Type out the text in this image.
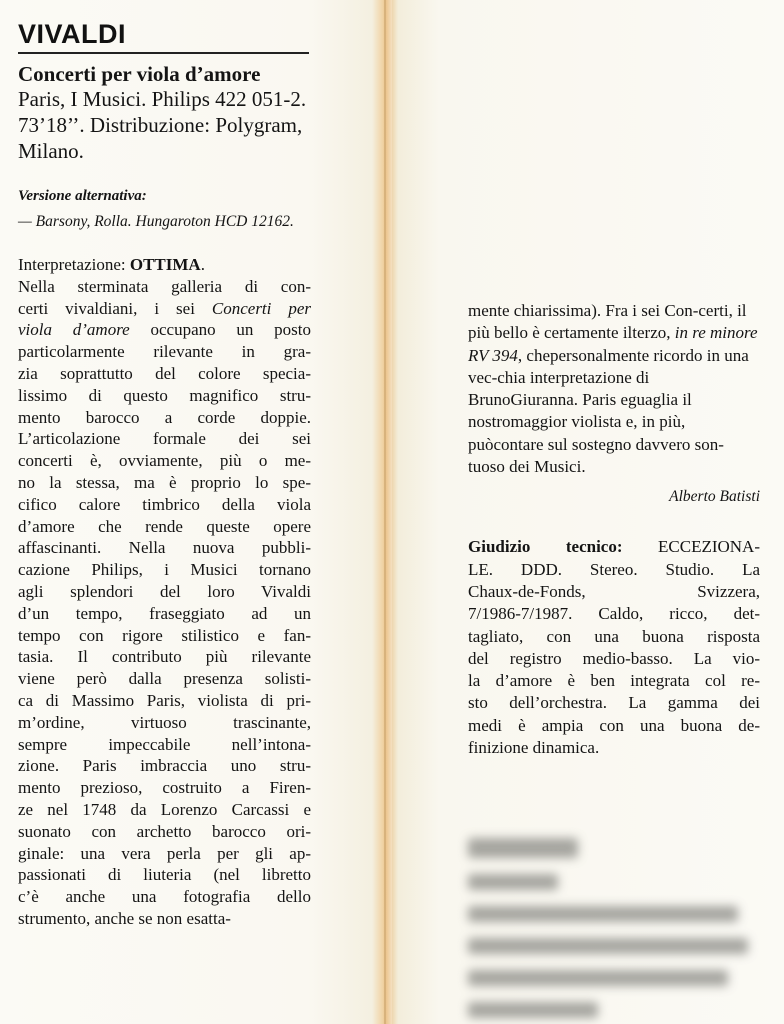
VIVALDI

Concerti per viola d’amore

Paris, I Musici. Philips 422 051-2. 73’18’’. Distribuzione: Polygram, Milano.

Versione alternativa:

— Barsony, Rolla. Hungaroton HCD 12162.

Interpretazione: OTTIMA.
Nella sterminata galleria di con-
certi vivaldiani, i sei Concerti per
viola d’amore occupano un posto
particolarmente rilevante in gra-
zia soprattutto del colore specia-
lissimo di questo magnifico stru-
mento barocco a corde doppie.
L’articolazione formale dei sei
concerti è, ovviamente, più o me-
no la stessa, ma è proprio lo spe-
cifico calore timbrico della viola
d’amore che rende queste opere
affascinanti. Nella nuova pubbli-
cazione Philips, i Musici tornano
agli splendori del loro Vivaldi
d’un tempo, fraseggiato ad un
tempo con rigore stilistico e fan-
tasia. Il contributo più rilevante
viene però dalla presenza solisti-
ca di Massimo Paris, violista di pri-
m’ordine, virtuoso trascinante,
sempre impeccabile nell’intona-
zione. Paris imbraccia uno stru-
mento prezioso, costruito a Firen-
ze nel 1748 da Lorenzo Carcassi e
suonato con archetto barocco ori-
ginale: una vera perla per gli ap-
passionati di liuteria (nel libretto
c’è anche una fotografia dello
strumento, anche se non esatta-
mente chiarissima). Fra i sei Con-certi, il più bello è certamente ilterzo, in re minore RV 394, chepersonalmente ricordo in una vec-chia interpretazione di BrunoGiuranna. Paris eguaglia il nostromaggior violista e, in più, puòcontare sul sostegno davvero son-tuoso dei Musici.

Alberto Batisti

Giudizio tecnico: ECCEZIONA-
LE. DDD. Stereo. Studio. La
Chaux-de-Fonds, Svizzera,
7/1986-7/1987. Caldo, ricco, det-
tagliato, con una buona risposta
del registro medio-basso. La vio-
la d’amore è ben integrata col re-
sto dell’orchestra. La gamma dei
medi è ampia con una buona de-
finizione dinamica.
